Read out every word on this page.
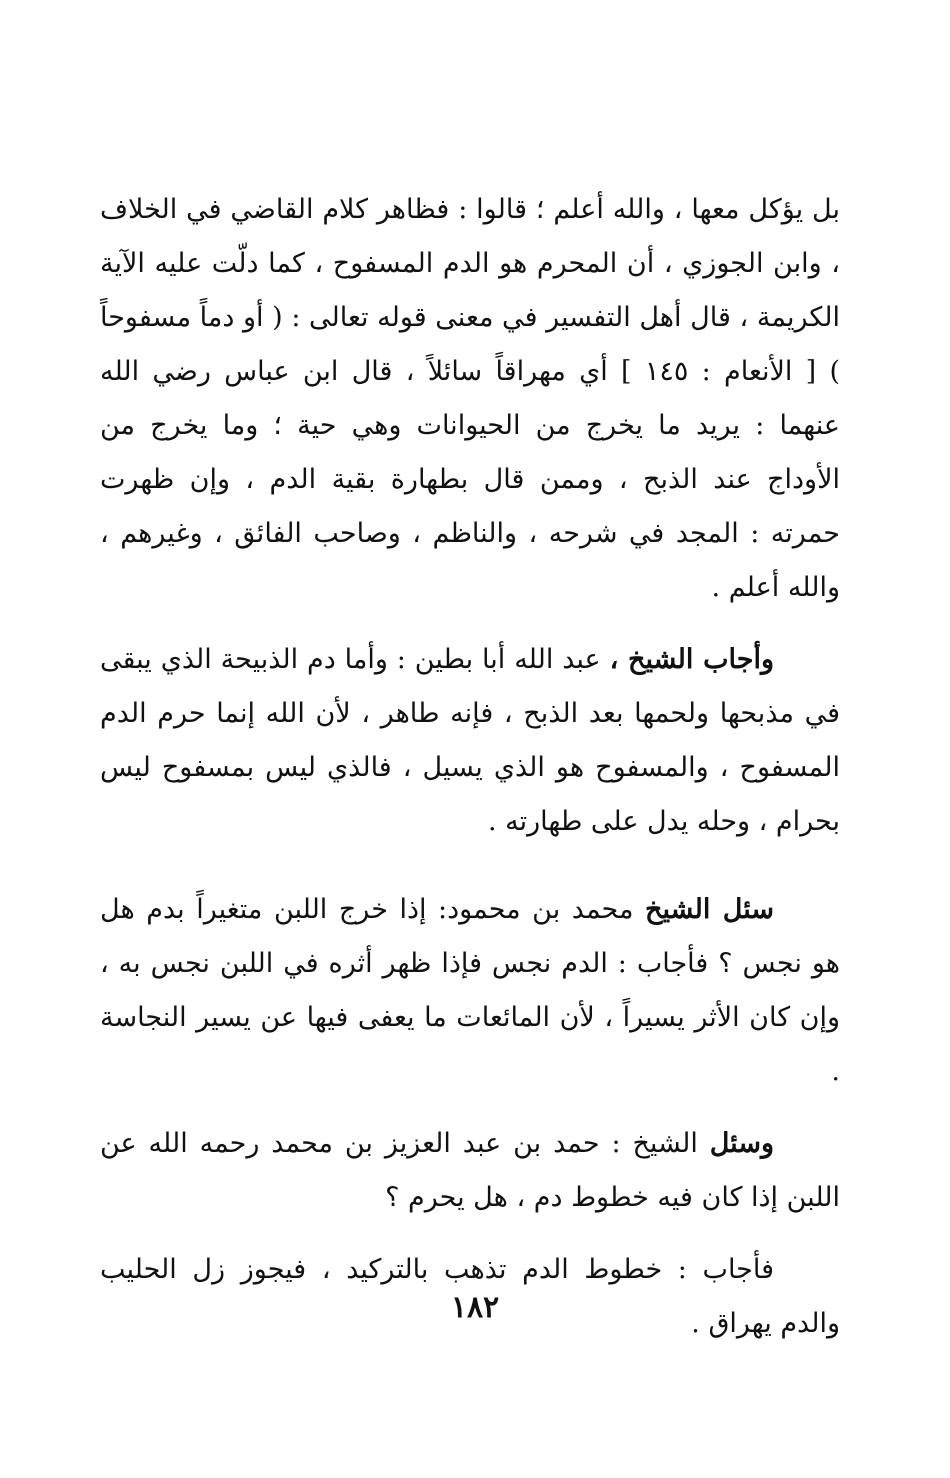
بل يؤكل معها ، والله أعلم ؛ قالوا : فظاهر كلام القاضي في الخلاف ، وابن الجوزي ، أن المحرم هو الدم المسفوح ، كما دلّت عليه الآية الكريمة ، قال أهل التفسير في معنى قوله تعالى : ( أو دماً مسفوحاً ) [ الأنعام : ١٤٥ ] أي مهراقاً سائلاً ، قال ابن عباس رضي الله عنهما : يريد ما يخرج من الحيوانات وهي حية ؛ وما يخرج من الأوداج عند الذبح ، وممن قال بطهارة بقية الدم ، وإن ظهرت حمرته : المجد في شرحه ، والناظم ، وصاحب الفائق ، وغيرهم ، والله أعلم .

وأجاب الشيخ ، عبد الله أبا بطين : وأما دم الذبيحة الذي يبقى في مذبحها ولحمها بعد الذبح ، فإنه طاهر ، لأن الله إنما حرم الدم المسفوح ، والمسفوح هو الذي يسيل ، فالذي ليس بمسفوح ليس بحرام ، وحله يدل على طهارته .

سئل الشيخ محمد بن محمود: إذا خرج اللبن متغيراً بدم هل هو نجس ؟ فأجاب : الدم نجس فإذا ظهر أثره في اللبن نجس به ، وإن كان الأثر يسيراً ، لأن المائعات ما يعفى فيها عن يسير النجاسة .

وسئل الشيخ : حمد بن عبد العزيز بن محمد رحمه الله عن اللبن إذا كان فيه خطوط دم ، هل يحرم ؟

فأجاب : خطوط الدم تذهب بالتركيد ، فيجوز زل الحليب والدم يهراق .

١٨٢
